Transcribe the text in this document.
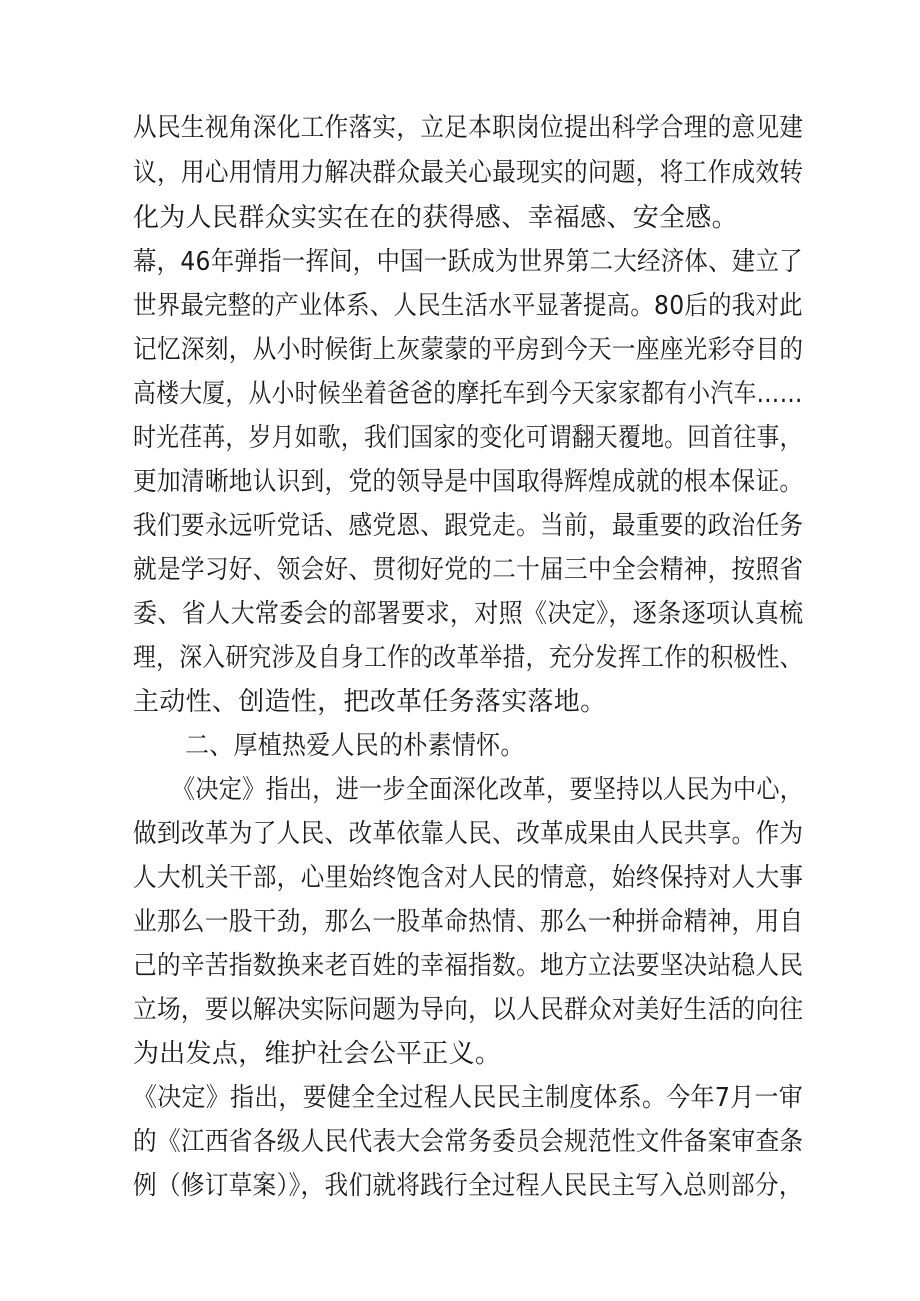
从民生视角深化工作落实，立足本职岗位提出科学合理的意见建
议，用心用情用力解决群众最关心最现实的问题，将工作成效转
化为人民群众实实在在的获得感、幸福感、安全感。
幕，46年弹指一挥间，中国一跃成为世界第二大经济体、建立了
世界最完整的产业体系、人民生活水平显著提高。80后的我对此
记忆深刻，从小时候街上灰蒙蒙的平房到今天一座座光彩夺目的
高楼大厦，从小时候坐着爸爸的摩托车到今天家家都有小汽车……
时光荏苒，岁月如歌，我们国家的变化可谓翻天覆地。回首往事，
更加清晰地认识到，党的领导是中国取得辉煌成就的根本保证。
我们要永远听党话、感党恩、跟党走。当前，最重要的政治任务
就是学习好、领会好、贯彻好党的二十届三中全会精神，按照省
委、省人大常委会的部署要求，对照《决定》，逐条逐项认真梳
理，深入研究涉及自身工作的改革举措，充分发挥工作的积极性、
主动性、创造性，把改革任务落实落地。
二、厚植热爱人民的朴素情怀。
《决定》指出，进一步全面深化改革，要坚持以人民为中心，
做到改革为了人民、改革依靠人民、改革成果由人民共享。作为
人大机关干部，心里始终饱含对人民的情意，始终保持对人大事
业那么一股干劲，那么一股革命热情、那么一种拼命精神，用自
己的辛苦指数换来老百姓的幸福指数。地方立法要坚决站稳人民
立场，要以解决实际问题为导向，以人民群众对美好生活的向往
为出发点，维护社会公平正义。
《决定》指出，要健全全过程人民民主制度体系。今年7月一审
的《江西省各级人民代表大会常务委员会规范性文件备案审查条
例（修订草案）》，我们就将践行全过程人民民主写入总则部分，
